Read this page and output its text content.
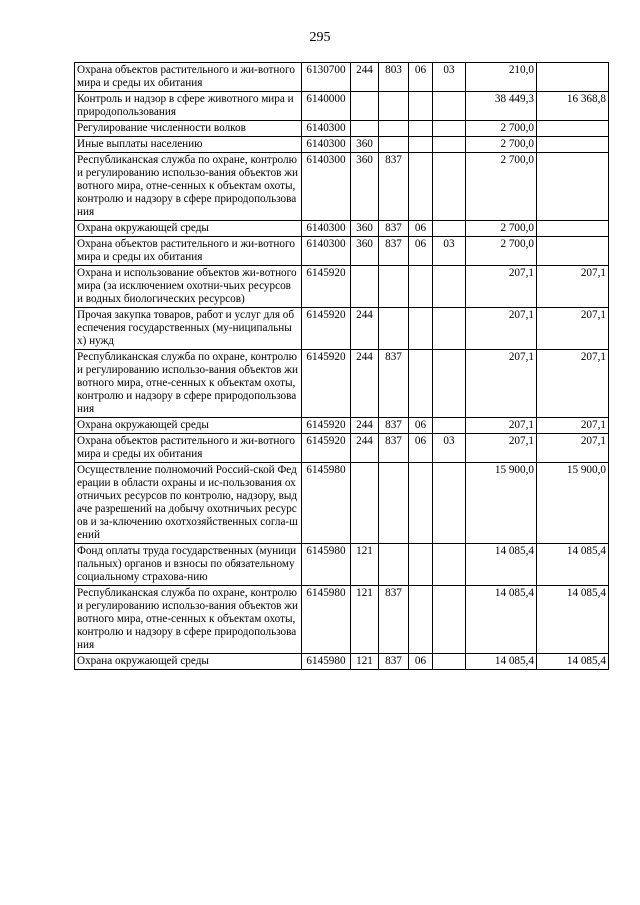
295
Охрана объектов растительного и жи-вотного мира и среды их обитания	6130700	244	803	06	03	210,0	
Контроль и надзор в сфере животного мира и природопользования	6140000					38 449,3	16 368,8
Регулирование численности волков	6140300					2 700,0	
Иные выплаты населению	6140300	360				2 700,0	
Республиканская служба по охране, контролю и регулированию использо-вания объектов животного мира, отне-сенных к объектам охоты, контролю и надзору в сфере природопользования	6140300	360	837			2 700,0	
Охрана окружающей среды	6140300	360	837	06		2 700,0	
Охрана объектов растительного и жи-вотного мира и среды их обитания	6140300	360	837	06	03	2 700,0	
Охрана и использование объектов жи-вотного мира (за исключением охотни-чьих ресурсов и водных биологических ресурсов)	6145920					207,1	207,1
Прочая закупка товаров, работ и услуг для обеспечения государственных (му-ниципальных) нужд	6145920	244				207,1	207,1
Республиканская служба по охране, контролю и регулированию использо-вания объектов животного мира, отне-сенных к объектам охоты, контролю и надзору в сфере природопользования	6145920	244	837			207,1	207,1
Охрана окружающей среды	6145920	244	837	06		207,1	207,1
Охрана объектов растительного и жи-вотного мира и среды их обитания	6145920	244	837	06	03	207,1	207,1
Осуществление полномочий Россий-ской Федерации в области охраны и ис-пользования охотничьих ресурсов по контролю, надзору, выдаче разрешений на добычу охотничьих ресурсов и за-ключению охотхозяйственных согла-шений	6145980					15 900,0	15 900,0
Фонд оплаты труда государственных (муниципальных) органов и взносы по обязательному социальному страхова-нию	6145980	121				14 085,4	14 085,4
Республиканская служба по охране, контролю и регулированию использо-вания объектов животного мира, отне-сенных к объектам охоты, контролю и надзору в сфере природопользования	6145980	121	837			14 085,4	14 085,4
Охрана окружающей среды	6145980	121	837	06		14 085,4	14 085,4
